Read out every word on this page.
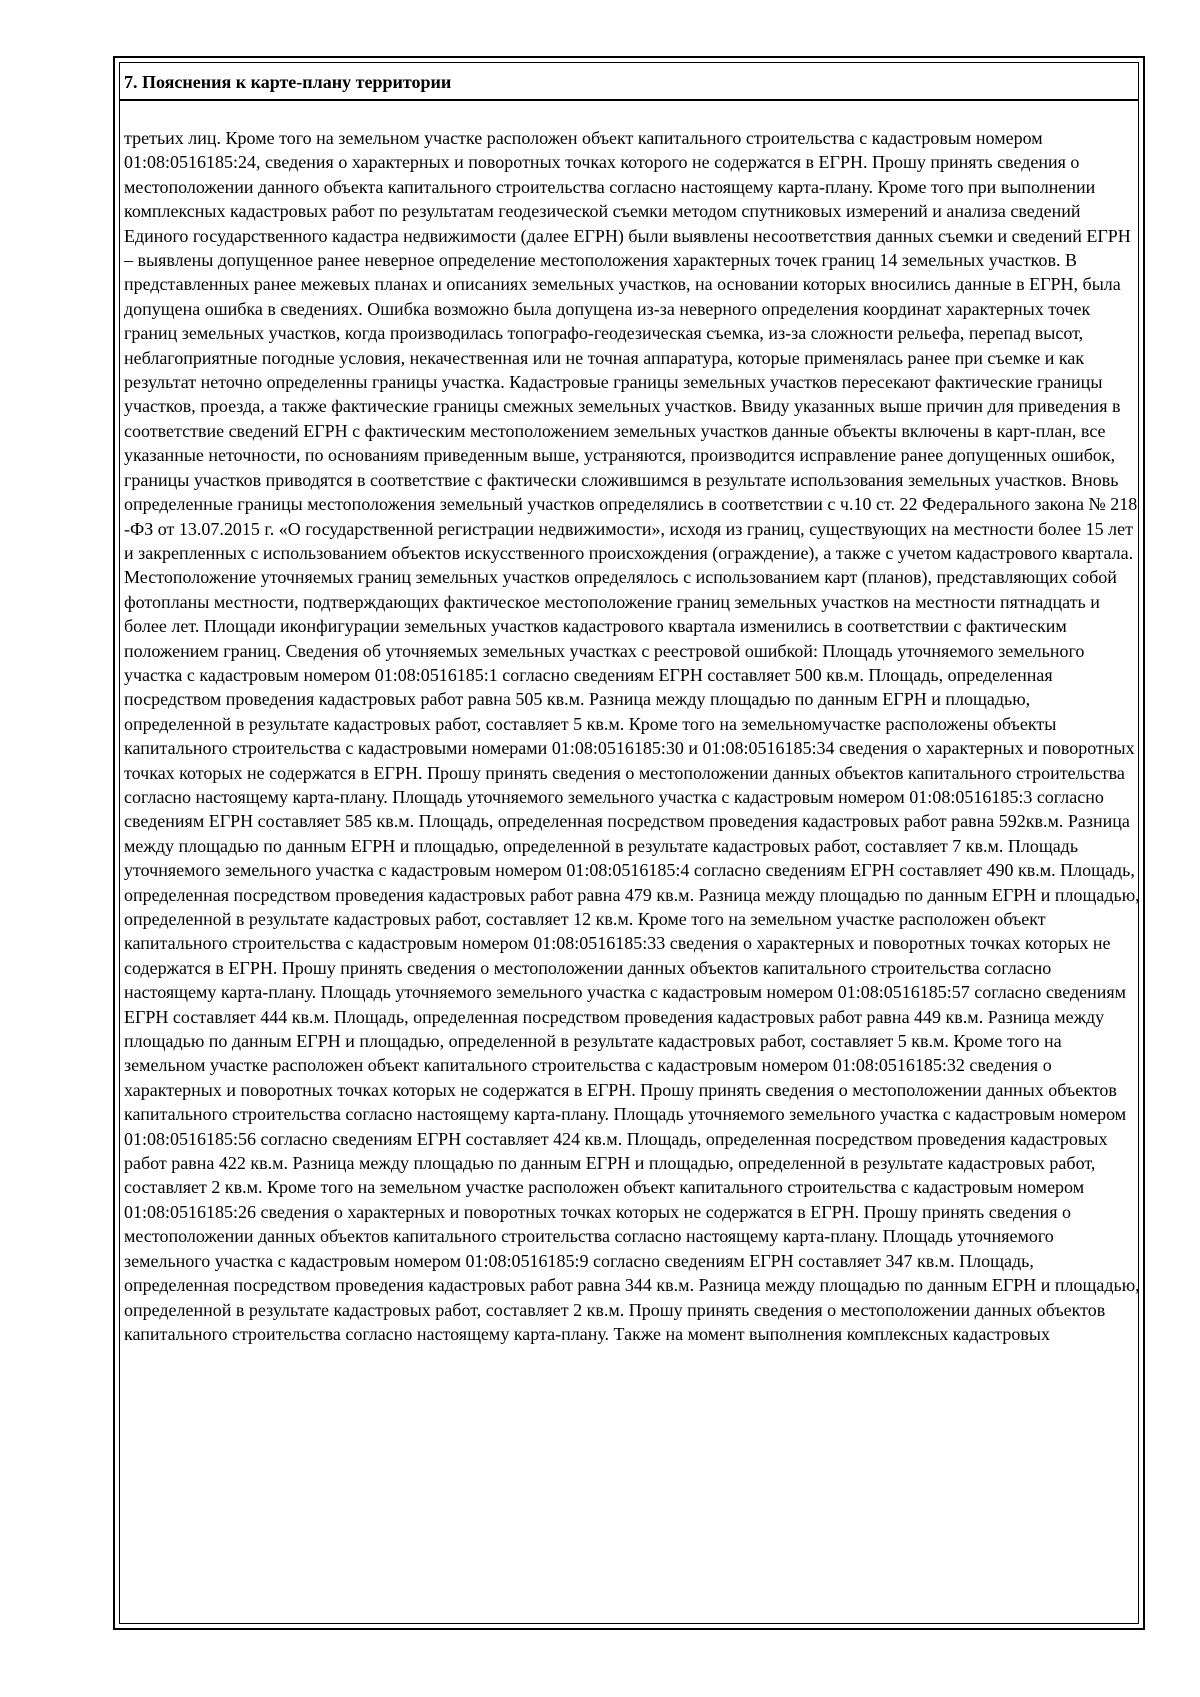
7. Пояснения к карте-плану территории

третьих лиц. Кроме того на земельном участке расположен объект капитального строительства с кадастровым номером 01:08:0516185:24, сведения о характерных и поворотных точках которого не содержатся в ЕГРН. Прошу принять сведения о местоположении данного объекта капитального строительства согласно настоящему карта-плану. Кроме того при выполнении комплексных кадастровых работ по результатам геодезической съемки методом спутниковых измерений и анализа сведений Единого государственного кадастра недвижимости (далее ЕГРН) были выявлены несоответствия данных съемки и сведений ЕГРН – выявлены допущенное ранее неверное определение местоположения характерных точек границ 14 земельных участков. В представленных ранее межевых планах и описаниях земельных участков, на основании которых вносились данные в ЕГРН, была допущена ошибка в сведениях. Ошибка возможно была допущена из-за неверного определения координат характерных точек границ земельных участков, когда производилась топографо-геодезическая съемка, из-за сложности рельефа, перепад высот, неблагоприятные погодные условия, некачественная или не точная аппаратура, которые применялась ранее при съемке и как результат неточно определенны границы участка. Кадастровые границы земельных участков пересекают фактические границы участков, проезда, а также фактические границы смежных земельных участков. Ввиду указанных выше причин для приведения в соответствие сведений ЕГРН с фактическим местоположением земельных участков данные объекты включены в карт-план, все указанные неточности, по основаниям приведенным выше, устраняются, производится исправление ранее допущенных ошибок, границы участков приводятся в соответствие с фактически сложившимся в результате использования земельных участков. Вновь определенные границы местоположения земельный участков определялись в соответствии с ч.10 ст. 22 Федерального закона № 218 -ФЗ от 13.07.2015 г. «О государственной регистрации недвижимости», исходя из границ, существующих на местности более 15 лет и закрепленных с использованием объектов искусственного происхождения (ограждение), а также с учетом кадастрового квартала. Местоположение уточняемых границ земельных участков определялось с использованием карт (планов), представляющих собой фотопланы местности, подтверждающих фактическое местоположение границ земельных участков на местности пятнадцать и более лет. Площади иконфигурации земельных участков кадастрового квартала изменились в соответствии с фактическим положением границ. Сведения об уточняемых земельных участках с реестровой ошибкой: Площадь уточняемого земельного участка с кадастровым номером 01:08:0516185:1 согласно сведениям ЕГРН составляет 500 кв.м. Площадь, определенная посредством проведения кадастровых работ равна 505 кв.м. Разница между площадью по данным ЕГРН и площадью, определенной в результате кадастровых работ, составляет 5 кв.м. Кроме того на земельномучастке расположены объекты капитального строительства с кадастровыми номерами 01:08:0516185:30 и 01:08:0516185:34 сведения о характерных и поворотных точках которых не содержатся в ЕГРН. Прошу принять сведения о местоположении данных объектов капитального строительства согласно настоящему карта-плану. Площадь уточняемого земельного участка с кадастровым номером 01:08:0516185:3 согласно сведениям ЕГРН составляет 585 кв.м. Площадь, определенная посредством проведения кадастровых работ равна 592кв.м. Разница между площадью по данным ЕГРН и площадью, определенной в результате кадастровых работ, составляет 7 кв.м. Площадь уточняемого земельного участка с кадастровым номером 01:08:0516185:4 согласно сведениям ЕГРН составляет 490 кв.м. Площадь, определенная посредством проведения кадастровых работ равна 479 кв.м. Разница между площадью по данным ЕГРН и площадью, определенной в результате кадастровых работ, составляет 12 кв.м. Кроме того на земельном участке расположен объект капитального строительства с кадастровым номером 01:08:0516185:33 сведения о характерных и поворотных точках которых не содержатся в ЕГРН. Прошу принять сведения о местоположении данных объектов капитального строительства согласно настоящему карта-плану. Площадь уточняемого земельного участка с кадастровым номером 01:08:0516185:57 согласно сведениям ЕГРН составляет 444 кв.м. Площадь, определенная посредством проведения кадастровых работ равна 449 кв.м. Разница между площадью по данным ЕГРН и площадью, определенной в результате кадастровых работ, составляет 5 кв.м. Кроме того на земельном участке расположен объект капитального строительства с кадастровым номером 01:08:0516185:32 сведения о характерных и поворотных точках которых не содержатся в ЕГРН. Прошу принять сведения о местоположении данных объектов капитального строительства согласно настоящему карта-плану. Площадь уточняемого земельного участка с кадастровым номером 01:08:0516185:56 согласно сведениям ЕГРН составляет 424 кв.м. Площадь, определенная посредством проведения кадастровых работ равна 422 кв.м. Разница между площадью по данным ЕГРН и площадью, определенной в результате кадастровых работ, составляет 2 кв.м. Кроме того на земельном участке расположен объект капитального строительства с кадастровым номером 01:08:0516185:26 сведения о характерных и поворотных точках которых не содержатся в ЕГРН. Прошу принять сведения о местоположении данных объектов капитального строительства согласно настоящему карта-плану. Площадь уточняемого земельного участка с кадастровым номером 01:08:0516185:9 согласно сведениям ЕГРН составляет 347 кв.м. Площадь, определенная посредством проведения кадастровых работ равна 344 кв.м. Разница между площадью по данным ЕГРН и площадью, определенной в результате кадастровых работ, составляет 2 кв.м. Прошу принять сведения о местоположении данных объектов капитального строительства согласно настоящему карта-плану. Также на момент выполнения комплексных кадастровых
